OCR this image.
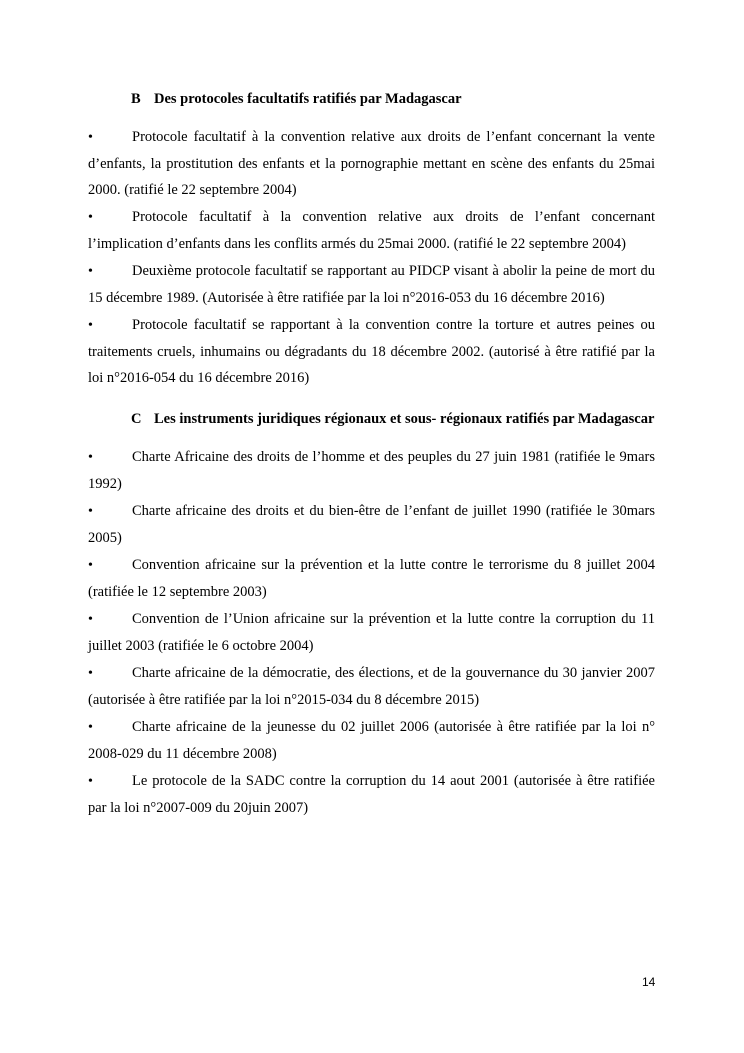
B Des protocoles facultatifs ratifiés par Madagascar
•	Protocole facultatif à la convention relative aux droits de l’enfant concernant la vente d’enfants, la prostitution des enfants et la pornographie mettant en scène des enfants du 25mai 2000. (ratifié le 22 septembre 2004)
•	Protocole facultatif à la convention relative aux droits de l’enfant concernant l’implication d’enfants dans les conflits armés du 25mai 2000. (ratifié le 22 septembre 2004)
•	Deuxième protocole facultatif se rapportant au PIDCP visant à abolir la peine de mort du 15 décembre 1989. (Autorisée à être ratifiée par la loi n°2016-053 du 16 décembre 2016)
•	Protocole facultatif se rapportant à la convention contre la torture et autres peines ou traitements cruels, inhumains ou dégradants du 18 décembre 2002. (autorisé à être ratifié par la loi n°2016-054 du 16 décembre 2016)
C Les instruments juridiques régionaux et sous- régionaux ratifiés par Madagascar
•	Charte Africaine des droits de l’homme et des peuples du 27 juin 1981 (ratifiée le 9mars 1992)
•	Charte africaine des droits et du bien-être de l’enfant de juillet 1990 (ratifiée le 30mars 2005)
•	Convention africaine sur la prévention et la lutte contre le terrorisme du 8 juillet 2004 (ratifiée le 12 septembre 2003)
•	Convention de l’Union africaine sur la prévention et la lutte contre la corruption du 11 juillet 2003 (ratifiée le 6 octobre 2004)
•	Charte africaine de la démocratie, des élections, et de la gouvernance du 30 janvier 2007 (autorisée à être ratifiée par la loi n°2015-034 du 8 décembre 2015)
•	Charte africaine de la jeunesse du 02 juillet 2006 (autorisée à être ratifiée par la loi n° 2008-029 du 11 décembre 2008)
•	Le protocole de la SADC contre la corruption du 14 aout 2001 (autorisée à être ratifiée par la loi n°2007-009 du 20juin 2007)
14
